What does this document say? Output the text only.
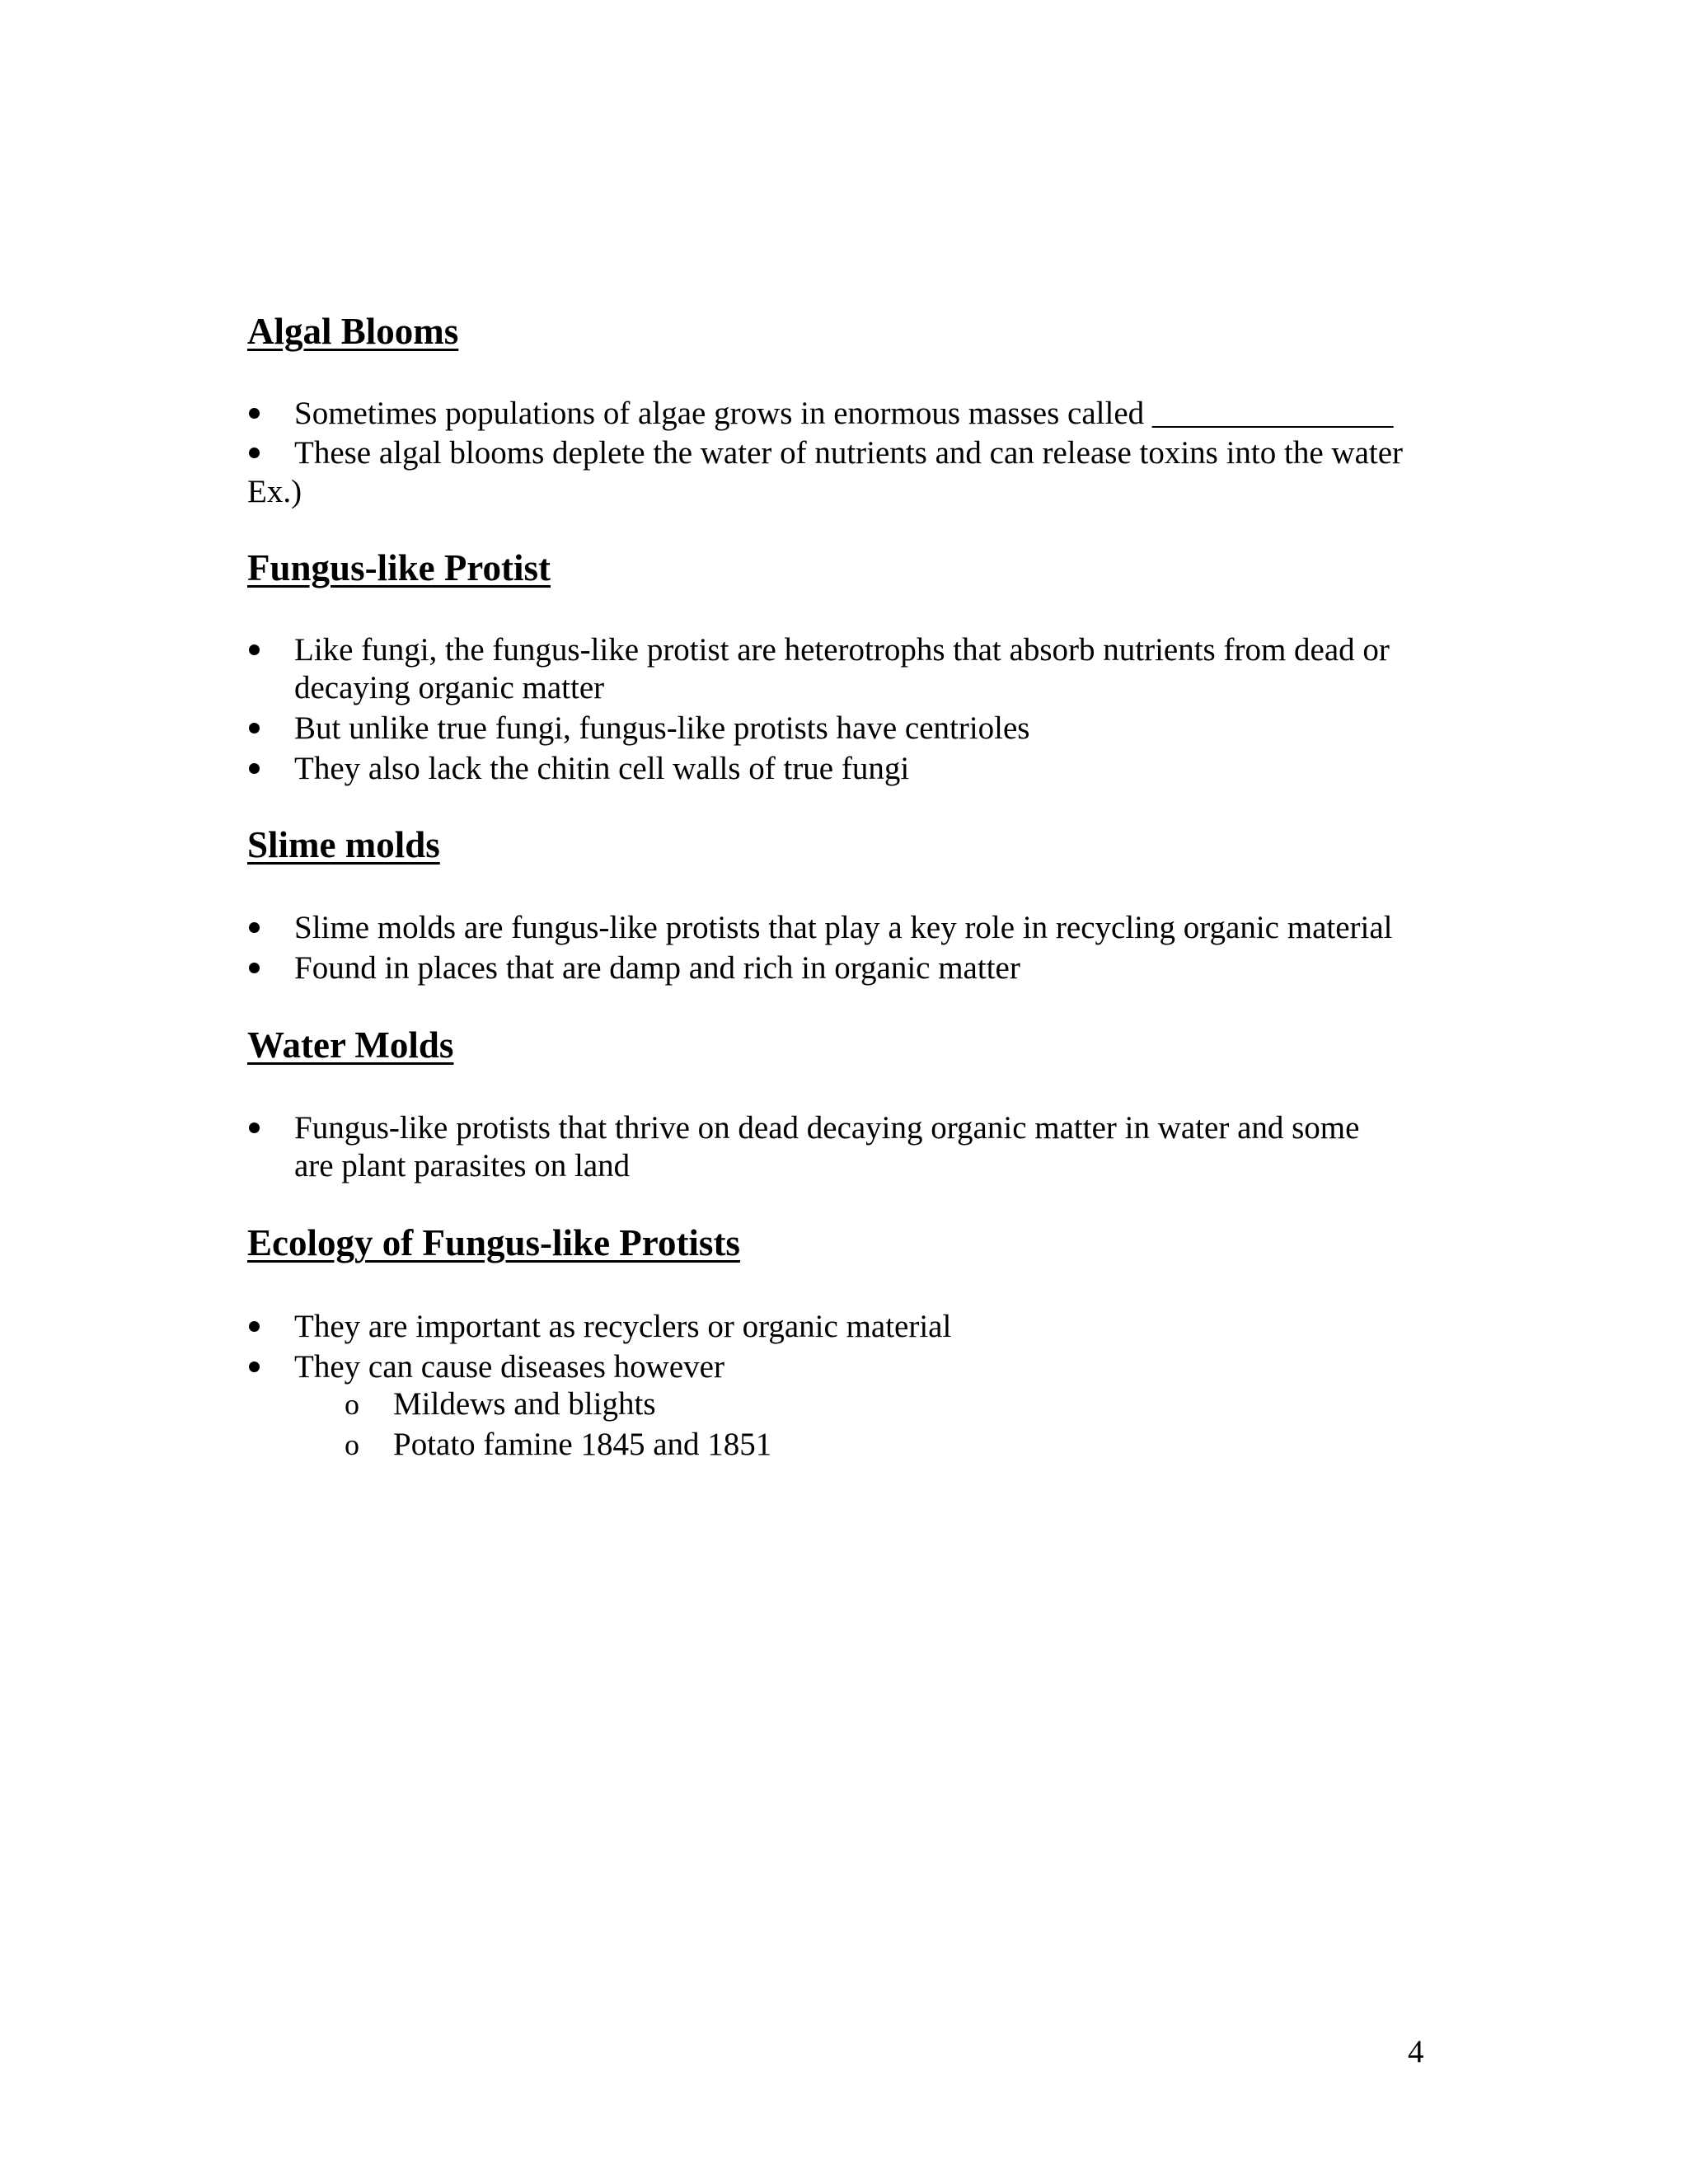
Algal Blooms

Sometimes populations of algae grows in enormous masses called _______________

These algal blooms deplete the water of nutrients and can release toxins into the water

Ex.)

Fungus-like Protist

Like fungi, the fungus-like protist are heterotrophs that absorb nutrients from dead or

decaying organic matter

But unlike true fungi, fungus-like protists have centrioles

They also lack the chitin cell walls of true fungi

Slime molds

Slime molds are fungus-like protists that play a key role in recycling organic material

Found in places that are damp and rich in organic matter

Water Molds

Fungus-like protists that thrive on dead decaying organic matter in water and some

are plant parasites on land

Ecology of Fungus-like Protists

They are important as recyclers or organic material

They can cause diseases however

o Mildews and blights

o Potato famine 1845 and 1851

4
